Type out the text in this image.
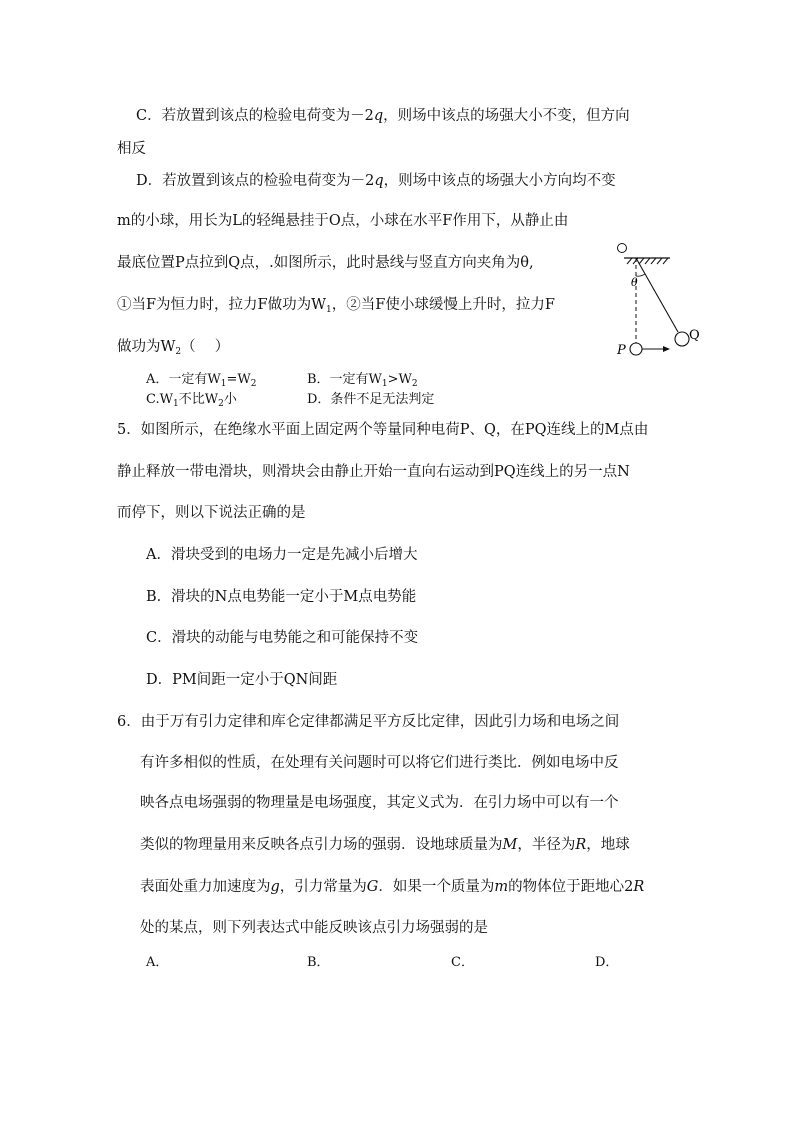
C．若放置到该点的检验电荷变为－2q，则场中该点的场强大小不变，但方向
相反
D．若放置到该点的检验电荷变为－2q，则场中该点的场强大小方向均不变
m的小球，用长为L的轻绳悬挂于O点，小球在水平F作用下，从静止由
最底位置P点拉到Q点，.如图所示，此时悬线与竖直方向夹角为θ,
①当F为恒力时，拉力F做功为$W_1$，②当F使小球缓慢上升时，拉力F
做功为$W_2$（　 ）
A．一定有$W_1=W_2$	B．一定有$W_1>W_2$
$C.W_1$不比$W_2$小	D．条件不足无法判定
θ
P
Q
5．如图所示，在绝缘水平面上固定两个等量同种电荷P、Q，在PQ连线上的M点由
静止释放一带电滑块，则滑块会由静止开始一直向右运动到PQ连线上的另一点N
而停下，则以下说法正确的是
A．滑块受到的电场力一定是先减小后增大
B．滑块的N点电势能一定小于M点电势能
C．滑块的动能与电势能之和可能保持不变
D．PM间距一定小于QN间距
6．由于万有引力定律和库仑定律都满足平方反比定律，因此引力场和电场之间
有许多相似的性质，在处理有关问题时可以将它们进行类比．例如电场中反
映各点电场强弱的物理量是电场强度，其定义式为．在引力场中可以有一个
类似的物理量用来反映各点引力场的强弱．设地球质量为M，半径为R，地球
表面处重力加速度为g，引力常量为G．如果一个质量为m的物体位于距地心2R
处的某点，则下列表达式中能反映该点引力场强弱的是
A．	B．	C．	D．
